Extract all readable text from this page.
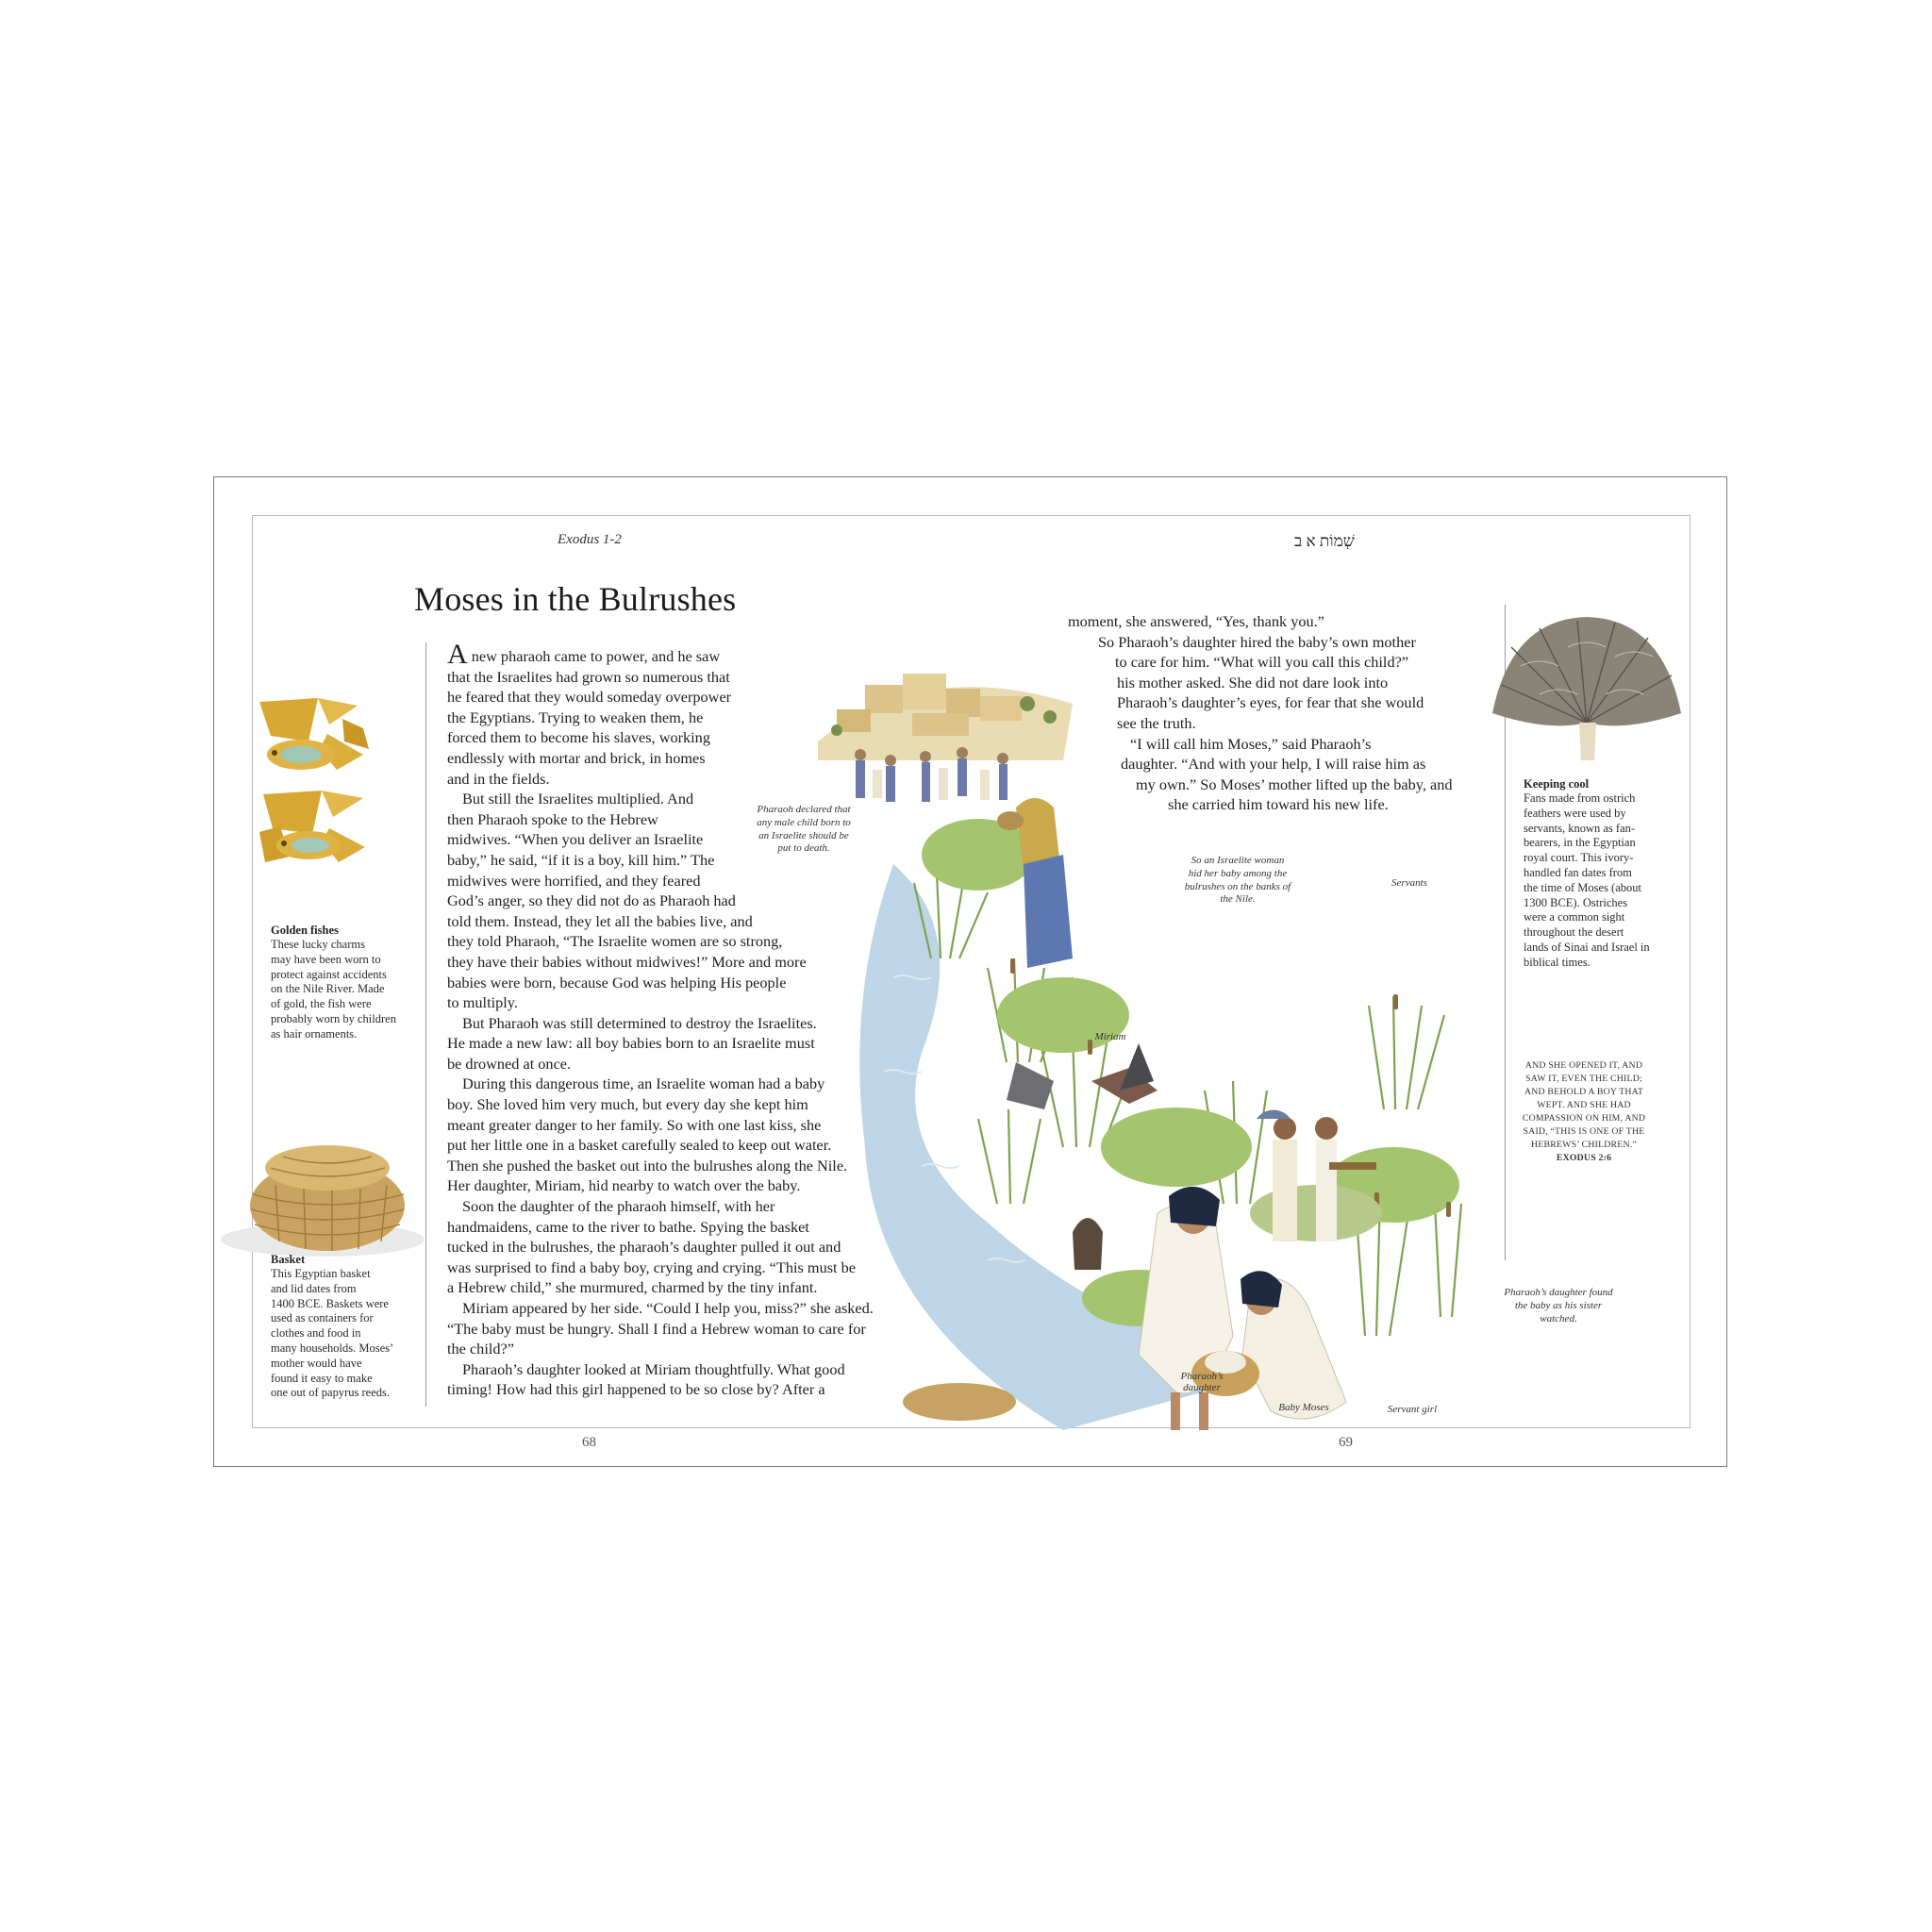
Exodus 1-2	שְׁמוֹת א ב
Moses in the Bulrushes
Golden fishes
These lucky charms
may have been worn to
protect against accidents
on the Nile River. Made
of gold, the fish were
probably worn by children
as hair ornaments.
Basket
This Egyptian basket
and lid dates from
1400 BCE. Baskets were
used as containers for
clothes and food in
many households. Moses’
mother would have
found it easy to make
one out of papyrus reeds.

A new pharaoh came to power, and he saw
that the Israelites had grown so numerous that
he feared that they would someday overpower
the Egyptians. Trying to weaken them, he
forced them to become his slaves, working
endlessly with mortar and brick, in homes
and in the fields.

But still the Israelites multiplied. And
then Pharaoh spoke to the Hebrew
midwives. “When you deliver an Israelite
baby,” he said, “if it is a boy, kill him.” The
midwives were horrified, and they feared
God’s anger, so they did not do as Pharaoh had
told them. Instead, they let all the babies live, and
they told Pharaoh, “The Israelite women are so strong,
they have their babies without midwives!” More and more
babies were born, because God was helping His people
to multiply.

But Pharaoh was still determined to destroy the Israelites.
He made a new law: all boy babies born to an Israelite must
be drowned at once.

During this dangerous time, an Israelite woman had a baby
boy. She loved him very much, but every day she kept him
meant greater danger to her family. So with one last kiss, she
put her little one in a basket carefully sealed to keep out water.
Then she pushed the basket out into the bulrushes along the Nile.
Her daughter, Miriam, hid nearby to watch over the baby.

Soon the daughter of the pharaoh himself, with her
handmaidens, came to the river to bathe. Spying the basket
tucked in the bulrushes, the pharaoh’s daughter pulled it out and
was surprised to find a baby boy, crying and crying. “This must be
a Hebrew child,” she murmured, charmed by the tiny infant.

Miriam appeared by her side. “Could I help you, miss?” she asked.
“The baby must be hungry. Shall I find a Hebrew woman to care for
the child?”

Pharaoh’s daughter looked at Miriam thoughtfully. What good
timing! How had this girl happened to be so close by? After a

moment, she answered, “Yes, thank you.”
So Pharaoh’s daughter hired the baby’s own mother
to care for him. “What will you call this child?”
his mother asked. She did not dare look into
Pharaoh’s daughter’s eyes, for fear that she would
see the truth.
“I will call him Moses,” said Pharaoh’s
daughter. “And with your help, I will raise him as
my own.” So Moses’ mother lifted up the baby, and
she carried him toward his new life.
Pharaoh declared that
any male child born to
an Israelite should be
put to death.
So an Israelite woman
hid her baby among the
bulrushes on the banks of
the Nile.
Pharaoh’s daughter found
the baby as his sister
watched.
Servants
Miriam
Pharaoh’s
daughter
Baby Moses	Servant girl
Keeping cool
Fans made from ostrich
feathers were used by
servants, known as fan-
bearers, in the Egyptian
royal court. This ivory-
handled fan dates from
the time of Moses (about
1300 BCE). Ostriches
were a common sight
throughout the desert
lands of Sinai and Israel in
biblical times.
AND SHE OPENED IT, AND
SAW IT, EVEN THE CHILD;
AND BEHOLD A BOY THAT
WEPT. AND SHE HAD
COMPASSION ON HIM, AND
SAID, “THIS IS ONE OF THE
HEBREWS’ CHILDREN.”
EXODUS 2:6
68	69
